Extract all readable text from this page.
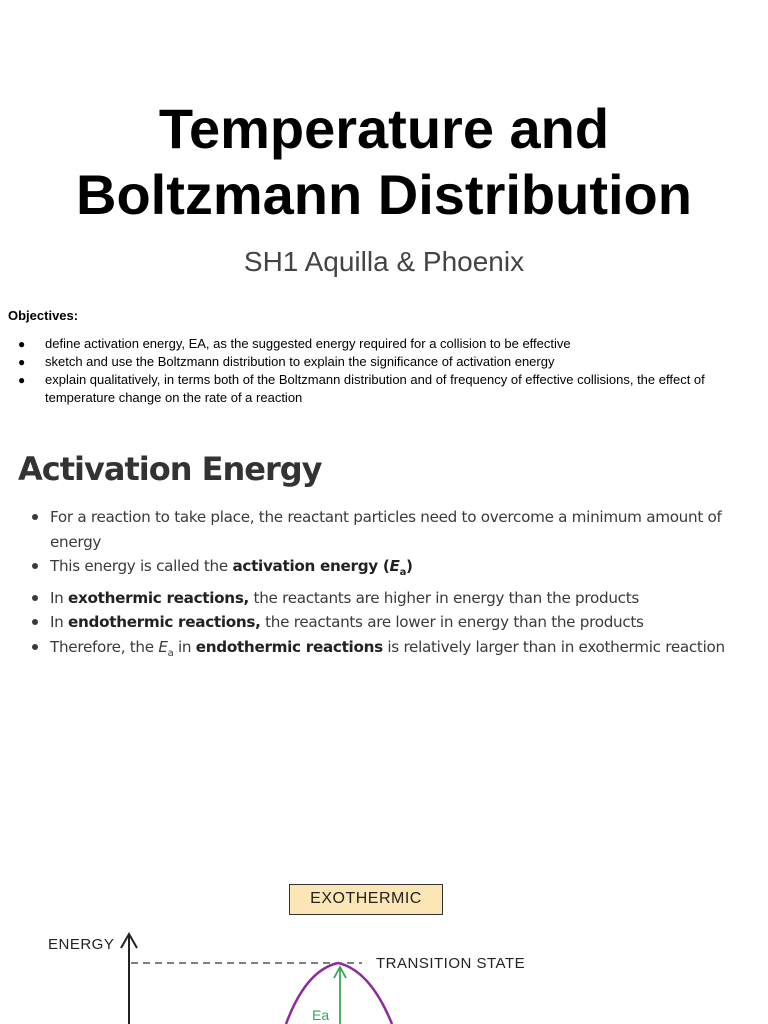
Temperature and
Boltzmann Distribution

SH1 Aquilla & Phoenix

Objectives:

● define activation energy, EA, as the suggested energy required for a collision to be effective
● sketch and use the Boltzmann distribution to explain the significance of activation energy
● explain qualitatively, in terms both of the Boltzmann distribution and of frequency of effective collisions, the effect of temperature change on the rate of a reaction
Activation Energy
For a reaction to take place, the reactant particles need to overcome a minimum amount of energy
This energy is called the activation energy $(E_a)$
In exothermic reactions, the reactants are higher in energy than the products
In endothermic reactions, the reactants are lower in energy than the products
Therefore, the $E_a$ in endothermic reactions is relatively larger than in exothermic reaction
EXOTHERMIC
ENERGY
TRANSITION STATE
Ea
